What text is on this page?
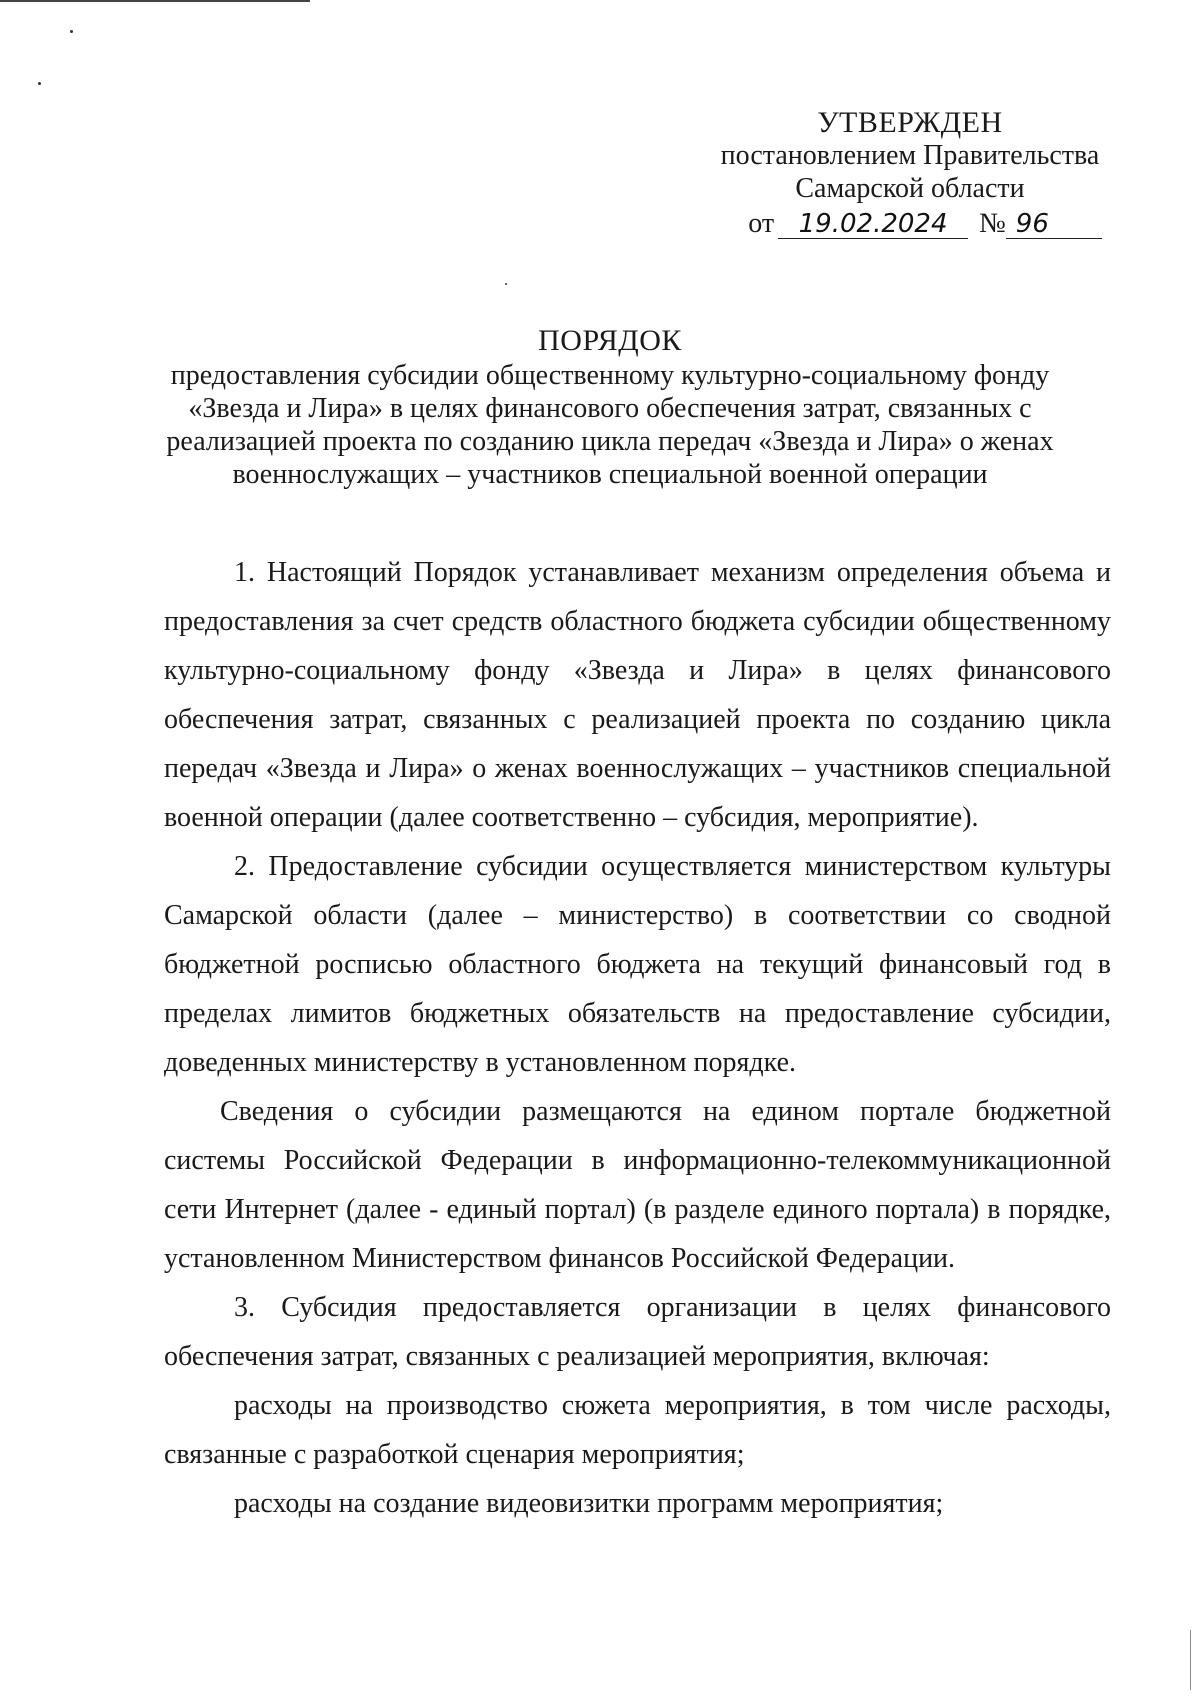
УТВЕРЖДЕН
постановлением Правительства
Самарской области
от 19.02.2024 № 96
ПОРЯДОК
предоставления субсидии общественному культурно-социальному фонду
«Звезда и Лира» в целях финансового обеспечения затрат, связанных с
реализацией проекта по созданию цикла передач «Звезда и Лира» о женах
военнослужащих – участников специальной военной операции

1. Настоящий Порядок устанавливает механизм определения объема и предоставления за счет средств областного бюджета субсидии общественному культурно-социальному фонду «Звезда и Лира» в целях финансового обеспечения затрат, связанных с реализацией проекта по созданию цикла передач «Звезда и Лира» о женах военнослужащих – участников специальной военной операции (далее соответственно – субсидия, мероприятие).

2. Предоставление субсидии осуществляется министерством культуры Самарской области (далее – министерство) в соответствии со сводной бюджетной росписью областного бюджета на текущий финансовый год в пределах лимитов бюджетных обязательств на предоставление субсидии, доведенных министерству в установленном порядке.

Сведения о субсидии размещаются на едином портале бюджетной системы Российской Федерации в информационно-телекоммуникационной сети Интернет (далее - единый портал) (в разделе единого портала) в порядке, установленном Министерством финансов Российской Федерации.

3. Субсидия предоставляется организации в целях финансового обеспечения затрат, связанных с реализацией мероприятия, включая:

расходы на производство сюжета мероприятия, в том числе расходы, связанные с разработкой сценария мероприятия;

расходы на создание видеовизитки программ мероприятия;
